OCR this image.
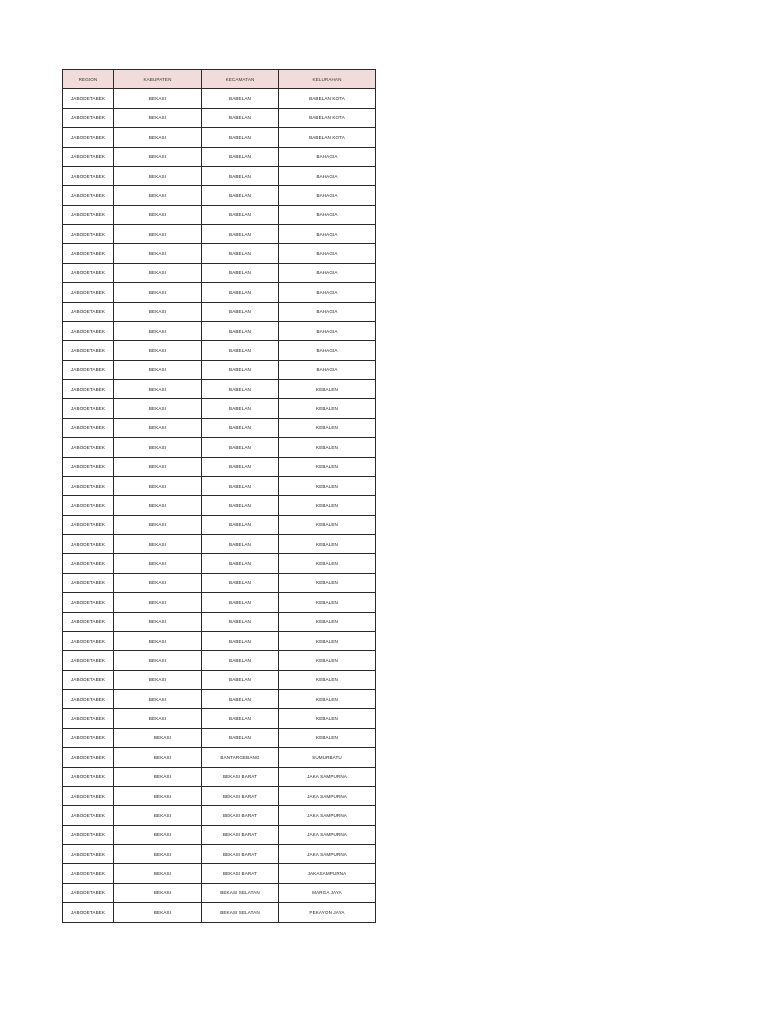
REGION	KABUPATEN	KECAMATAN	KELURAHAN
JABODETABEK	BEKASI	BABELAN	BABELAN KOTA
JABODETABEK	BEKASI	BABELAN	BABELAN KOTA
JABODETABEK	BEKASI	BABELAN	BABELAN KOTA
JABODETABEK	BEKASI	BABELAN	BAHAGIA
JABODETABEK	BEKASI	BABELAN	BAHAGIA
JABODETABEK	BEKASI	BABELAN	BAHAGIA
JABODETABEK	BEKASI	BABELAN	BAHAGIA
JABODETABEK	BEKASI	BABELAN	BAHAGIA
JABODETABEK	BEKASI	BABELAN	BAHAGIA
JABODETABEK	BEKASI	BABELAN	BAHAGIA
JABODETABEK	BEKASI	BABELAN	BAHAGIA
JABODETABEK	BEKASI	BABELAN	BAHAGIA
JABODETABEK	BEKASI	BABELAN	BAHAGIA
JABODETABEK	BEKASI	BABELAN	BAHAGIA
JABODETABEK	BEKASI	BABELAN	BAHAGIA
JABODETABEK	BEKASI	BABELAN	KEBALEN
JABODETABEK	BEKASI	BABELAN	KEBALEN
JABODETABEK	BEKASI	BABELAN	KEBALEN
JABODETABEK	BEKASI	BABELAN	KEBALEN
JABODETABEK	BEKASI	BABELAN	KEBALEN
JABODETABEK	BEKASI	BABELAN	KEBALEN
JABODETABEK	BEKASI	BABELAN	KEBALEN
JABODETABEK	BEKASI	BABELAN	KEBALEN
JABODETABEK	BEKASI	BABELAN	KEBALEN
JABODETABEK	BEKASI	BABELAN	KEBALEN
JABODETABEK	BEKASI	BABELAN	KEBALEN
JABODETABEK	BEKASI	BABELAN	KEBALEN
JABODETABEK	BEKASI	BABELAN	KEBALEN
JABODETABEK	BEKASI	BABELAN	KEBALEN
JABODETABEK	BEKASI	BABELAN	KEBALEN
JABODETABEK	BEKASI	BABELAN	KEBALEN
JABODETABEK	BEKASI	BABELAN	KEBALEN
JABODETABEK	BEKASI	BABELAN	KEBALEN
JABODETABEK	BEKASI	BABELAN	KEBALEN
JABODETABEK	BEKASI	BANTARGEBANG	SUMURBATU
JABODETABEK	BEKASI	BEKASI BARAT	JAKA SAMPURNA
JABODETABEK	BEKASI	BEKASI BARAT	JAKA SAMPURNA
JABODETABEK	BEKASI	BEKASI BARAT	JAKA SAMPURNA
JABODETABEK	BEKASI	BEKASI BARAT	JAKA SAMPURNA
JABODETABEK	BEKASI	BEKASI BARAT	JAKA SAMPURNA
JABODETABEK	BEKASI	BEKASI BARAT	JAKASAMPURNA
JABODETABEK	BEKASI	BEKASI SELATAN	MARGA JAYA
JABODETABEK	BEKASI	BEKASI SELATAN	PEKAYON JAYA
